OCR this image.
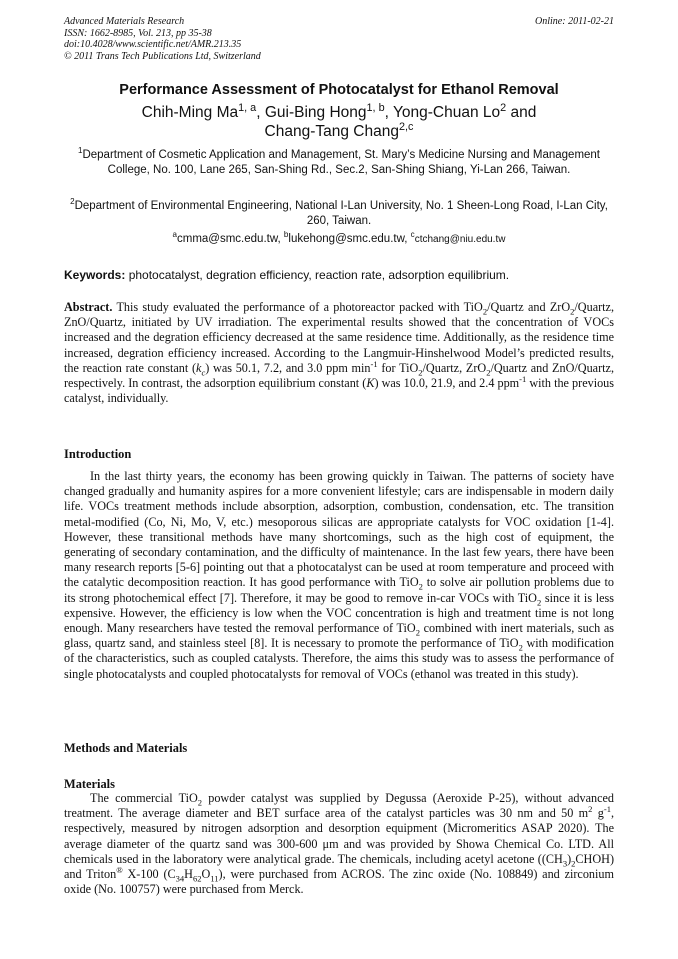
Advanced Materials Research
ISSN: 1662-8985, Vol. 213, pp 35-38
doi:10.4028/www.scientific.net/AMR.213.35
© 2011 Trans Tech Publications Ltd, Switzerland
Online: 2011-02-21
Performance Assessment of Photocatalyst for Ethanol Removal
Chih-Ming Ma$^{1, a}$, Gui-Bing Hong$^{1, b}$, Yong-Chuan Lo$^2$ and
Chang-Tang Chang$^{2,c}$
$^1$Department of Cosmetic Application and Management, St. Mary’s Medicine Nursing and Management College, No. 100, Lane 265, San-Shing Rd., Sec.2, San-Shing Shiang, Yi-Lan 266, Taiwan.
$^2$Department of Environmental Engineering, National I-Lan University, No. 1 Sheen-Long Road, I-Lan City, 260, Taiwan.
$^a$cmma@smc.edu.tw, $^b$lukehong@smc.edu.tw, $^c$ctchang@niu.edu.tw
Keywords: photocatalyst, degration efficiency, reaction rate, adsorption equilibrium.
Abstract. This study evaluated the performance of a photoreactor packed with TiO$_2$/Quartz and ZrO$_2$/Quartz, ZnO/Quartz, initiated by UV irradiation. The experimental results showed that the concentration of VOCs increased and the degration efficiency decreased at the same residence time. Additionally, as the residence time increased, degration efficiency increased. According to the Langmuir-Hinshelwood Model’s predicted results, the reaction rate constant $(k_c)$ was 50.1, 7.2, and 3.0 ppm $\min^{-1}$ for TiO$_2$/Quartz, ZrO$_2$/Quartz and ZnO/Quartz, respectively. In contrast, the adsorption equilibrium constant (K) was 10.0, 21.9, and 2.4 ppm$^{-1}$ with the previous catalyst, individually.
Introduction
In the last thirty years, the economy has been growing quickly in Taiwan. The patterns of society have changed gradually and humanity aspires for a more convenient lifestyle; cars are indispensable in modern daily life. VOCs treatment methods include absorption, adsorption, combustion, condensation, etc. The transition metal-modified (Co, Ni, Mo, V, etc.) mesoporous silicas are appropriate catalysts for VOC oxidation [1-4]. However, these transitional methods have many shortcomings, such as the high cost of equipment, the generating of secondary contamination, and the difficulty of maintenance. In the last few years, there have been many research reports [5-6] pointing out that a photocatalyst can be used at room temperature and proceed with the catalytic decomposition reaction. It has good performance with TiO$_2$ to solve air pollution problems due to its strong photochemical effect [7]. Therefore, it may be good to remove in-car VOCs with TiO$_2$ since it is less expensive. However, the efficiency is low when the VOC concentration is high and treatment time is not long enough. Many researchers have tested the removal performance of TiO$_2$ combined with inert materials, such as glass, quartz sand, and stainless steel [8]. It is necessary to promote the performance of TiO$_2$ with modification of the characteristics, such as coupled catalysts. Therefore, the aims this study was to assess the performance of single photocatalysts and coupled photocatalysts for removal of VOCs (ethanol was treated in this study).
Methods and Materials
Materials
The commercial TiO$_2$ powder catalyst was supplied by Degussa (Aeroxide P-25), without advanced treatment. The average diameter and BET surface area of the catalyst particles was 30 nm and 50 $m^2$ $g^{-1}$, respectively, measured by nitrogen adsorption and desorption equipment (Micromeritics ASAP 2020). The average diameter of the quartz sand was 300-600 μm and was provided by Showa Chemical Co. LTD. All chemicals used in the laboratory were analytical grade. The chemicals, including acetyl acetone $((CH_3)_2CHOH)$ and Triton® X-100 $(C_{34}H_{62}O_{11})$, were purchased from ACROS. The zinc oxide (No. 108849) and zirconium oxide (No. 100757) were purchased from Merck.
